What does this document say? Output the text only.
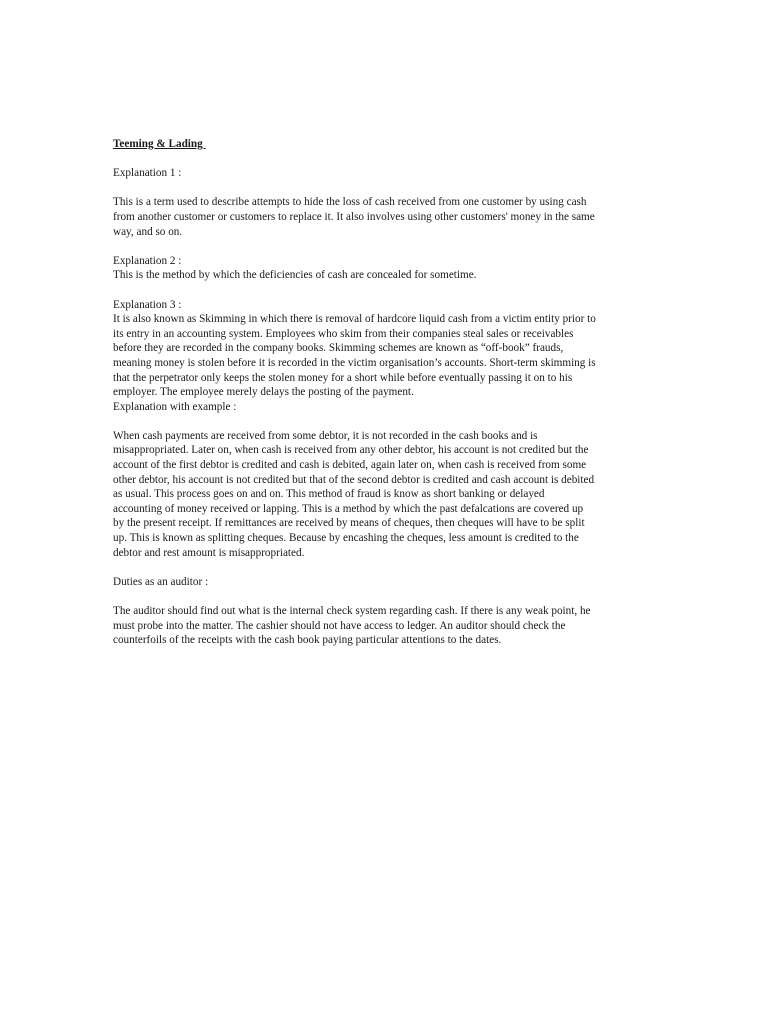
Teeming & Lading

Explanation 1 :

This is a term used to describe attempts to hide the loss of cash received from one customer by using cash

from another customer or customers to replace it. It also involves using other customers' money in the same

way, and so on.

Explanation 2 :

This is the method by which the deficiencies of cash are concealed for sometime.

Explanation 3 :

It is also known as Skimming in which there is removal of hardcore liquid cash from a victim entity prior to

its entry in an accounting system. Employees who skim from their companies steal sales or receivables

before they are recorded in the company books. Skimming schemes are known as “off-book” frauds,

meaning money is stolen before it is recorded in the victim organisation’s accounts. Short-term skimming is

that the perpetrator only keeps the stolen money for a short while before eventually passing it on to his

employer. The employee merely delays the posting of the payment.

Explanation with example :

When cash payments are received from some debtor, it is not recorded in the cash books and is

misappropriated. Later on, when cash is received from any other debtor, his account is not credited but the

account of the first debtor is credited and cash is debited, again later on, when cash is received from some

other debtor, his account is not credited but that of the second debtor is credited and cash account is debited

as usual. This process goes on and on. This method of fraud is know as short banking or delayed

accounting of money received or lapping. This is a method by which the past defalcations are covered up

by the present receipt. If remittances are received by means of cheques, then cheques will have to be split

up. This is known as splitting cheques. Because by encashing the cheques, less amount is credited to the

debtor and rest amount is misappropriated.

Duties as an auditor :

The auditor should find out what is the internal check system regarding cash. If there is any weak point, he

must probe into the matter. The cashier should not have access to ledger. An auditor should check the

counterfoils of the receipts with the cash book paying particular attentions to the dates.
